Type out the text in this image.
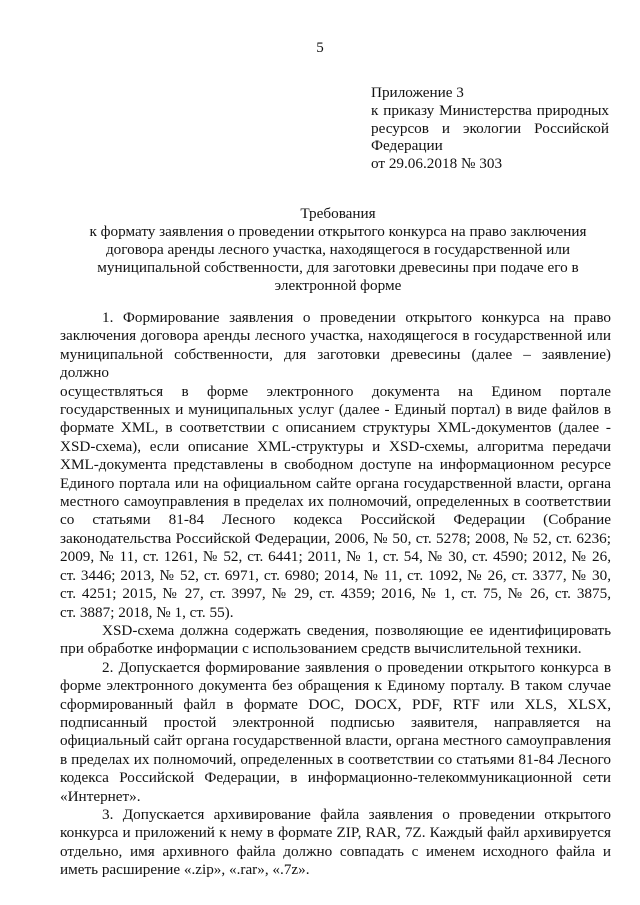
5
Приложение 3
к приказу Министерства природных
ресурсов и экологии Российской
Федерации
от 29.06.2018 № 303
Требования
к формату заявления о проведении открытого конкурса на право заключения
договора аренды лесного участка, находящегося в государственной или
муниципальной собственности, для заготовки древесины при подаче его в
электронной форме

1. Формирование заявления о проведении открытого конкурса на право
заключения договора аренды лесного участка, находящегося в государственной или
муниципальной собственности, для заготовки древесины (далее – заявление) должно
осуществляться в форме электронного документа на Едином портале
государственных и муниципальных услуг (далее - Единый портал) в виде файлов в
формате XML, в соответствии с описанием структуры XML-документов (далее -
XSD-схема), если описание XML-структуры и XSD-схемы, алгоритма передачи
XML-документа представлены в свободном доступе на информационном ресурсе
Единого портала или на официальном сайте органа государственной власти, органа
местного самоуправления в пределах их полномочий, определенных в соответствии
со статьями 81-84 Лесного кодекса Российской Федерации (Собрание
законодательства Российской Федерации, 2006, № 50, ст. 5278; 2008, № 52, ст. 6236;
2009, № 11, ст. 1261, № 52, ст. 6441; 2011, № 1, ст. 54, № 30, ст. 4590; 2012, № 26,
ст. 3446; 2013, № 52, ст. 6971, ст. 6980; 2014, № 11, ст. 1092, № 26, ст. 3377, № 30,
ст. 4251; 2015, № 27, ст. 3997, № 29, ст. 4359; 2016, № 1, ст. 75, № 26, ст. 3875,
ст. 3887; 2018, № 1, ст. 55).

XSD-схема должна содержать сведения, позволяющие ее идентифицировать
при обработке информации с использованием средств вычислительной техники.

2. Допускается формирование заявления о проведении открытого конкурса в
форме электронного документа без обращения к Единому порталу. В таком случае
сформированный файл в формате DOC, DOCX, PDF, RTF или XLS, XLSX,
подписанный простой электронной подписью заявителя, направляется на
официальный сайт органа государственной власти, органа местного самоуправления
в пределах их полномочий, определенных в соответствии со статьями 81-84 Лесного
кодекса Российской Федерации, в информационно-телекоммуникационной сети
«Интернет».

3. Допускается архивирование файла заявления о проведении открытого
конкурса и приложений к нему в формате ZIP, RAR, 7Z. Каждый файл архивируется
отдельно, имя архивного файла должно совпадать с именем исходного файла и
иметь расширение «.zip», «.rar», «.7z».
